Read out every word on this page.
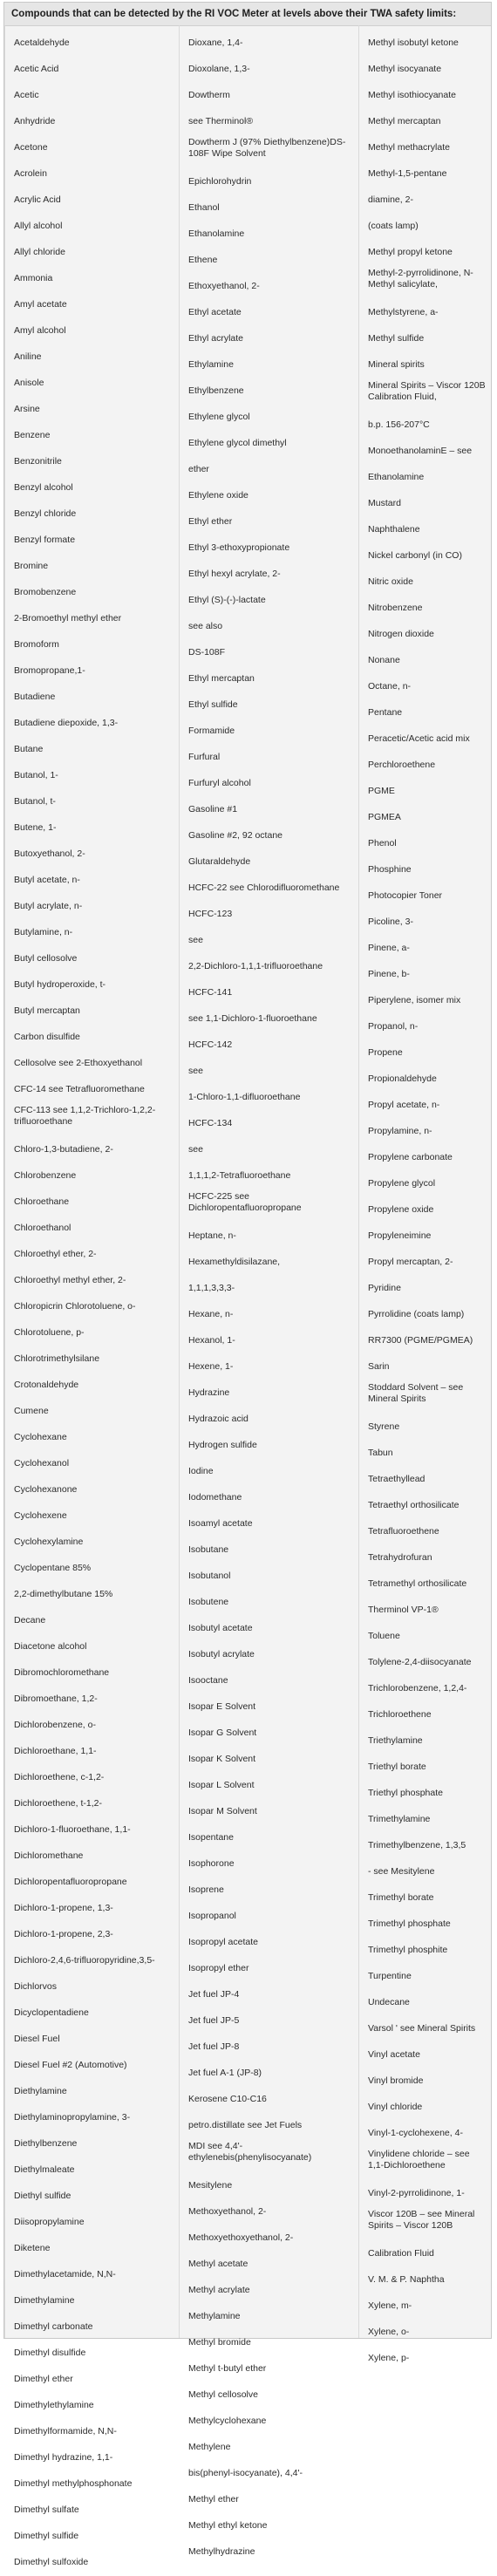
Compounds that can be detected by the RI VOC Meter at levels above their TWA safety limits:
Acetaldehyde
Acetic Acid
Acetic
Anhydride
Acetone
Acrolein
Acrylic Acid
Allyl alcohol
Allyl chloride
Ammonia
Amyl acetate
Amyl alcohol
Aniline
Anisole
Arsine
Benzene
Benzonitrile
Benzyl alcohol
Benzyl chloride
Benzyl formate
Bromine
Bromobenzene
2-Bromoethyl methyl ether
Bromoform
Bromopropane,1-
Butadiene
Butadiene diepoxide, 1,3-
Butane
Butanol, 1-
Butanol, t-
Butene, 1-
Butoxyethanol, 2-
Butyl acetate, n-
Butyl acrylate, n-
Butylamine, n-
Butyl cellosolve
Butyl hydroperoxide, t-
Butyl mercaptan
Carbon disulfide
Cellosolve see 2-Ethoxyethanol
CFC-14 see Tetrafluoromethane
CFC-113 see 1,1,2-Trichloro-1,2,2-trifluoroethane
Chloro-1,3-butadiene, 2-
Chlorobenzene
Chloroethane
Chloroethanol
Chloroethyl ether, 2-
Chloroethyl methyl ether, 2-
Chloropicrin Chlorotoluene, o-
Chlorotoluene, p-
Chlorotrimethylsilane
Crotonaldehyde
Cumene
Cyclohexane
Cyclohexanol
Cyclohexanone
Cyclohexene
Cyclohexylamine
Cyclopentane 85%
2,2-dimethylbutane 15%
Decane
Diacetone alcohol
Dibromochloromethane
Dibromoethane, 1,2-
Dichlorobenzene, o-
Dichloroethane, 1,1-
Dichloroethene, c-1,2-
Dichloroethene, t-1,2-
Dichloro-1-fluoroethane, 1,1-
Dichloromethane
Dichloropentafluoropropane
Dichloro-1-propene, 1,3-
Dichloro-1-propene, 2,3-
Dichloro-2,4,6-trifluoropyridine,3,5-
Dichlorvos
Dicyclopentadiene
Diesel Fuel
Diesel Fuel #2 (Automotive)
Diethylamine
Diethylaminopropylamine, 3-
Diethylbenzene
Diethylmaleate
Diethyl sulfide
Diisopropylamine
Diketene
Dimethylacetamide, N,N-
Dimethylamine
Dimethyl carbonate
Dimethyl disulfide
Dimethyl ether
Dimethylethylamine
Dimethylformamide, N,N-
Dimethyl hydrazine, 1,1-
Dimethyl methylphosphonate
Dimethyl sulfate
Dimethyl sulfide
Dimethyl sulfoxide
Dioxane, 1,4-
Dioxolane, 1,3-
Dowtherm
see Therminol®
Dowtherm J (97% Diethylbenzene)DS-108F Wipe Solvent
Epichlorohydrin
Ethanol
Ethanolamine
Ethene
Ethoxyethanol, 2-
Ethyl acetate
Ethyl acrylate
Ethylamine
Ethylbenzene
Ethylene glycol
Ethylene glycol dimethyl
ether
Ethylene oxide
Ethyl ether
Ethyl 3-ethoxypropionate
Ethyl hexyl acrylate, 2-
Ethyl (S)-(-)-lactate
see also
DS-108F
Ethyl mercaptan
Ethyl sulfide
Formamide
Furfural
Furfuryl alcohol
Gasoline #1
Gasoline #2, 92 octane
Glutaraldehyde
HCFC-22 see Chlorodifluoromethane
HCFC-123
see
2,2-Dichloro-1,1,1-trifluoroethane
HCFC-141
see 1,1-Dichloro-1-fluoroethane
HCFC-142
see
1-Chloro-1,1-difluoroethane
HCFC-134
see
1,1,1,2-Tetrafluoroethane
HCFC-225 see Dichloropentafluoropropane
Heptane, n-
Hexamethyldisilazane,
1,1,1,3,3,3-
Hexane, n-
Hexanol, 1-
Hexene, 1-
Hydrazine
Hydrazoic acid
Hydrogen sulfide
Iodine
Iodomethane
Isoamyl acetate
Isobutane
Isobutanol
Isobutene
Isobutyl acetate
Isobutyl acrylate
Isooctane
Isopar E Solvent
Isopar G Solvent
Isopar K Solvent
Isopar L Solvent
Isopar M Solvent
Isopentane
Isophorone
Isoprene
Isopropanol
Isopropyl acetate
Isopropyl ether
Jet fuel JP-4
Jet fuel JP-5
Jet fuel JP-8
Jet fuel A-1 (JP-8)
Kerosene C10-C16
petro.distillate see Jet Fuels
MDI see 4,4'-ethylenebis(phenylisocyanate)
Mesitylene
Methoxyethanol, 2-
Methoxyethoxyethanol, 2-
Methyl acetate
Methyl acrylate
Methylamine
Methyl bromide
Methyl t-butyl ether
Methyl cellosolve
Methylcyclohexane
Methylene
bis(phenyl-isocyanate), 4,4'-
Methyl ether
Methyl ethyl ketone
Methylhydrazine
Methyl isobutyl ketone
Methyl isocyanate
Methyl isothiocyanate
Methyl mercaptan
Methyl methacrylate
Methyl-1,5-pentane
diamine, 2-
(coats lamp)
Methyl propyl ketone
Methyl-2-pyrrolidinone, N-Methyl salicylate,
Methylstyrene, a-
Methyl sulfide
Mineral spirits
Mineral Spirits – Viscor 120B Calibration Fluid,
b.p. 156-207°C
MonoethanolaminE – see
Ethanolamine
Mustard
Naphthalene
Nickel carbonyl (in CO)
Nitric oxide
Nitrobenzene
Nitrogen dioxide
Nonane
Octane, n-
Pentane
Peracetic/Acetic acid mix
Perchloroethene
PGME
PGMEA
Phenol
Phosphine
Photocopier Toner
Picoline, 3-
Pinene, a-
Pinene, b-
Piperylene, isomer mix
Propanol, n-
Propene
Propionaldehyde
Propyl acetate, n-
Propylamine, n-
Propylene carbonate
Propylene glycol
Propylene oxide
Propyleneimine
Propyl mercaptan, 2-
Pyridine
Pyrrolidine (coats lamp)
RR7300 (PGME/PGMEA)
Sarin
Stoddard Solvent – see Mineral Spirits
Styrene
Tabun
Tetraethyllead
Tetraethyl orthosilicate
Tetrafluoroethene
Tetrahydrofuran
Tetramethyl orthosilicate
Therminol VP-1®
Toluene
Tolylene-2,4-diisocyanate
Trichlorobenzene, 1,2,4-
Trichloroethene
Triethylamine
Triethyl borate
Triethyl phosphate
Trimethylamine
Trimethylbenzene, 1,3,5
- see Mesitylene
Trimethyl borate
Trimethyl phosphate
Trimethyl phosphite
Turpentine
Undecane
Varsol ' see Mineral Spirits
Vinyl acetate
Vinyl bromide
Vinyl chloride
Vinyl-1-cyclohexene, 4-
Vinylidene chloride – see 1,1-Dichloroethene
Vinyl-2-pyrrolidinone, 1-
Viscor 120B – see Mineral Spirits – Viscor 120B
Calibration Fluid
V. M. & P. Naphtha
Xylene, m-
Xylene, o-
Xylene, p-
